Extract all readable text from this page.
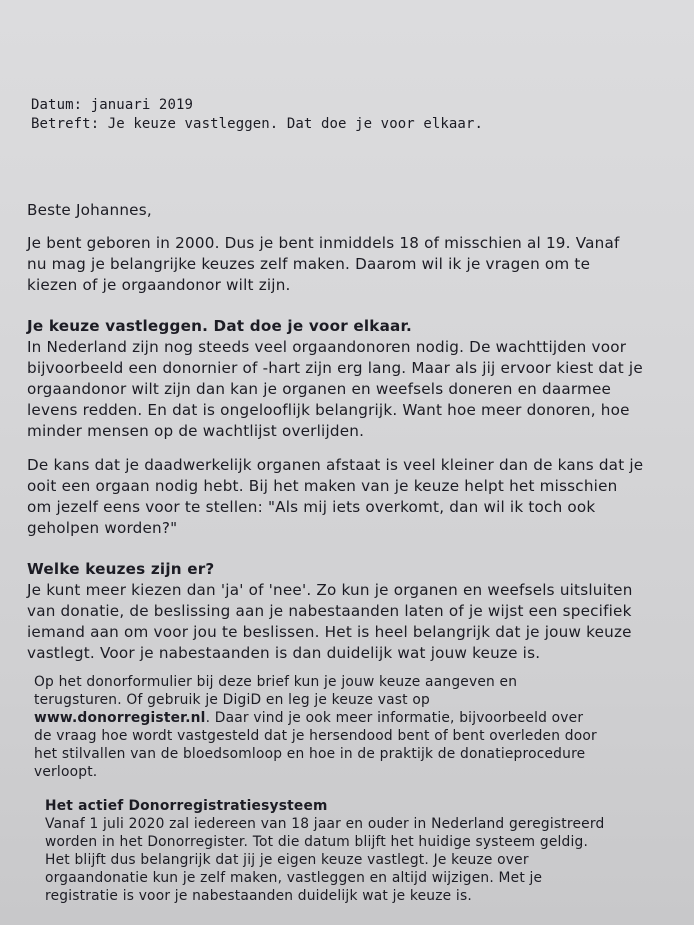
Datum: januari 2019
Betreft: Je keuze vastleggen. Dat doe je voor elkaar.
Beste Johannes,
Je bent geboren in 2000. Dus je bent inmiddels 18 of misschien al 19. Vanaf
nu mag je belangrijke keuzes zelf maken. Daarom wil ik je vragen om te
kiezen of je orgaandonor wilt zijn.
Je keuze vastleggen. Dat doe je voor elkaar.
In Nederland zijn nog steeds veel orgaandonoren nodig. De wachttijden voor
bijvoorbeeld een donornier of -hart zijn erg lang. Maar als jij ervoor kiest dat je
orgaandonor wilt zijn dan kan je organen en weefsels doneren en daarmee
levens redden. En dat is ongelooflijk belangrijk. Want hoe meer donoren, hoe
minder mensen op de wachtlijst overlijden.
De kans dat je daadwerkelijk organen afstaat is veel kleiner dan de kans dat je
ooit een orgaan nodig hebt. Bij het maken van je keuze helpt het misschien
om jezelf eens voor te stellen: "Als mij iets overkomt, dan wil ik toch ook
geholpen worden?"
Welke keuzes zijn er?
Je kunt meer kiezen dan 'ja' of 'nee'. Zo kun je organen en weefsels uitsluiten
van donatie, de beslissing aan je nabestaanden laten of je wijst een specifiek
iemand aan om voor jou te beslissen. Het is heel belangrijk dat je jouw keuze
vastlegt. Voor je nabestaanden is dan duidelijk wat jouw keuze is.
Op het donorformulier bij deze brief kun je jouw keuze aangeven en
terugsturen. Of gebruik je DigiD en leg je keuze vast op
www.donorregister.nl. Daar vind je ook meer informatie, bijvoorbeeld over
de vraag hoe wordt vastgesteld dat je hersendood bent of bent overleden door
het stilvallen van de bloedsomloop en hoe in de praktijk de donatieprocedure
verloopt.
Het actief Donorregistratiesysteem
Vanaf 1 juli 2020 zal iedereen van 18 jaar en ouder in Nederland geregistreerd
worden in het Donorregister. Tot die datum blijft het huidige systeem geldig.
Het blijft dus belangrijk dat jij je eigen keuze vastlegt. Je keuze over
orgaandonatie kun je zelf maken, vastleggen en altijd wijzigen. Met je
registratie is voor je nabestaanden duidelijk wat je keuze is.
